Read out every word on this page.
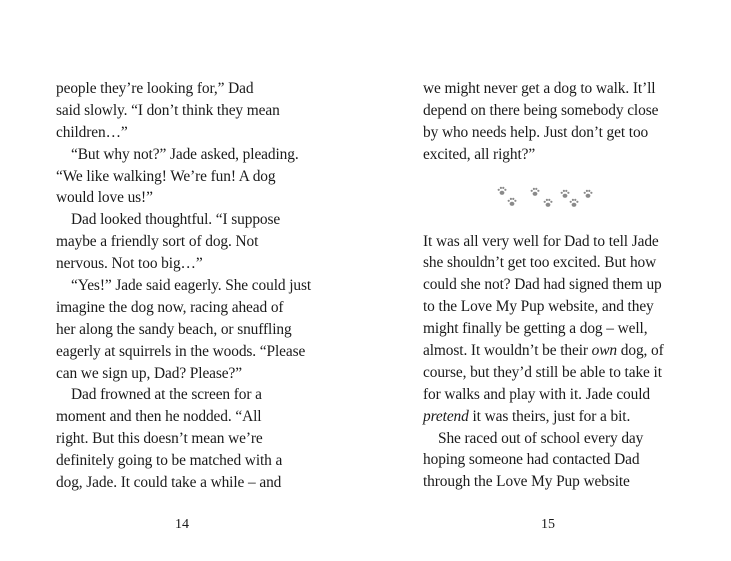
people they’re looking for,” Dad
said slowly. “I don’t think they mean
children…”
“But why not?” Jade asked, pleading.
“We like walking! We’re fun! A dog
would love us!”
Dad looked thoughtful. “I suppose
maybe a friendly sort of dog. Not
nervous. Not too big…”
“Yes!” Jade said eagerly. She could just
imagine the dog now, racing ahead of
her along the sandy beach, or snuffling
eagerly at squirrels in the woods. “Please
can we sign up, Dad? Please?”
Dad frowned at the screen for a
moment and then he nodded. “All
right. But this doesn’t mean we’re
definitely going to be matched with a
dog, Jade. It could take a while – and
we might never get a dog to walk. It’ll
depend on there being somebody close
by who needs help. Just don’t get too
excited, all right?”
It was all very well for Dad to tell Jade
she shouldn’t get too excited. But how
could she not? Dad had signed them up
to the Love My Pup website, and they
might finally be getting a dog – well,
almost. It wouldn’t be their own dog, of
course, but they’d still be able to take it
for walks and play with it. Jade could
pretend it was theirs, just for a bit.
She raced out of school every day
hoping someone had contacted Dad
through the Love My Pup website
14	15
